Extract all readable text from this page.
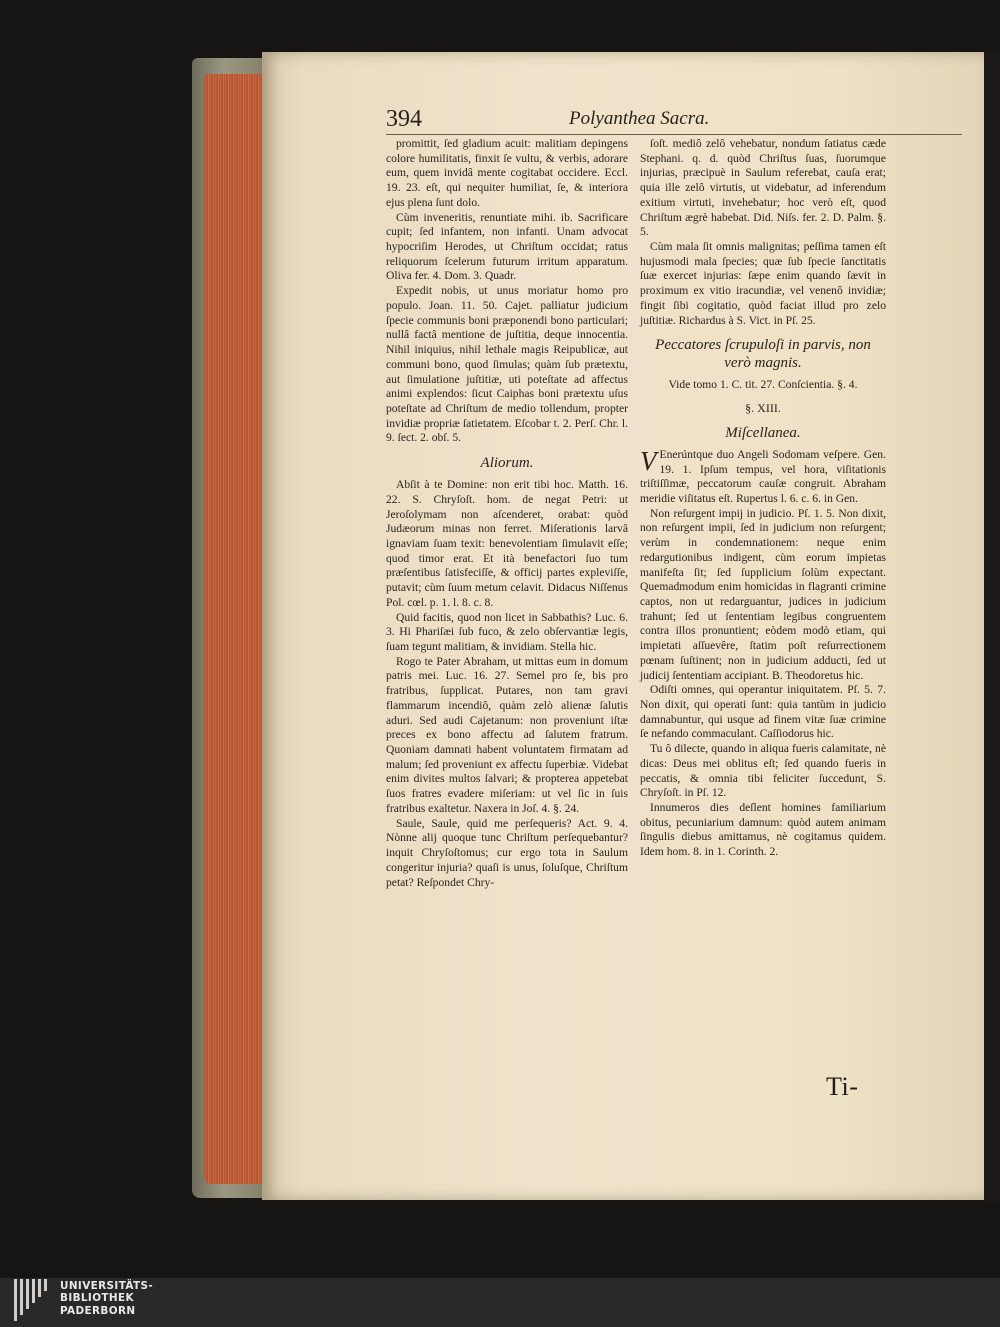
394	Polyanthea Sacra.
promittit, ſed gladium acuit: malitiam depingens colore humilitatis, finxit ſe vultu, & verbis, adorare eum, quem invidâ mente cogitabat occidere. Eccl. 19. 23. eſt, qui nequiter humiliat, ſe, & interiora ejus plena ſunt dolo.
Cùm inveneritis, renuntiate mihi. ib. Sacrificare cupit; ſed infantem, non infanti. Unam advocat hypocriſim Herodes, ut Chriſtum occidat; ratus reliquorum ſcelerum futurum irritum apparatum. Oliva fer. 4. Dom. 3. Quadr.
Expedit nobis, ut unus moriatur homo pro populo. Joan. 11. 50. Cajet. palliatur judicium ſpecie communis boni præponendi bono particulari; nullâ factâ mentione de juſtitia, deque innocentia. Nihil iniquius, nihil lethale magis Reipublicæ, aut communi bono, quod ſimulas; quàm ſub prætextu, aut ſimulatione juſtitiæ, uti poteſtate ad affectus animi explendos: ſicut Caiphas boni prætextu uſus poteſtate ad Chriſtum de medio tollendum, propter invidiæ propriæ ſatietatem. Eſcobar t. 2. Perſ. Chr. l. 9. ſect. 2. obſ. 5.
Aliorum.
Abſit à te Domine: non erit tibi hoc. Matth. 16. 22. S. Chryſoſt. hom. de negat Petri: ut Jeroſolymam non aſcenderet, orabat: quòd Judæorum minas non ferret. Miſerationis larvâ ignaviam ſuam texit: benevolentiam ſimulavit eſſe; quod timor erat. Et ità benefactori ſuo tum præſentibus ſatisfeciſſe, & officij partes expleviſſe, putavit; cùm ſuum metum celavit. Didacus Niſſenus Pol. cœl. p. 1. l. 8. c. 8.
Quid facitis, quod non licet in Sabbathis? Luc. 6. 3. Hi Phariſæi ſub fuco, & zelo obſervantiæ legis, ſuam tegunt malitiam, & invidiam. Stella hic.
Rogo te Pater Abraham, ut mittas eum in domum patris mei. Luc. 16. 27. Semel pro ſe, bis pro fratribus, ſupplicat. Putares, non tam gravi flammarum incendiô, quàm zelò alienæ ſalutis aduri. Sed audi Cajetanum: non proveniunt iſtæ preces ex bono affectu ad ſalutem fratrum. Quoniam damnati habent voluntatem firmatam ad malum; ſed proveniunt ex affectu ſuperbiæ. Videbat enim divites multos ſalvari; & propterea appetebat ſuos fratres evadere miſeriam: ut vel ſic in ſuis fratribus exaltetur. Naxera in Joſ. 4. §. 24.
Saule, Saule, quid me perſequeris? Act. 9. 4. Nònne alij quoque tunc Chriſtum perſequebantur? inquit Chryſoſtomus; cur ergo tota in Saulum congeritur injuria? quaſi is unus, ſoluſque, Chriſtum petat? Reſpondet Chry-
ſoſt. mediô zelô vehebatur, nondum ſatiatus cæde Stephani. q. d. quòd Chriſtus ſuas, ſuorumque injurias, præcipuè in Saulum referebat, cauſa erat; quia ille zelô virtutis, ut videbatur, ad inferendum exitium virtuti, invehebatur; hoc verò eſt, quod Chriſtum ægrè habebat. Did. Niſs. fer. 2. D. Palm. §. 5.
Cùm mala ſit omnis malignitas; peſſima tamen eſt hujusmodi mala ſpecies; quæ ſub ſpecie ſanctitatis ſuæ exercet injurias: ſæpe enim quando ſævit in proximum ex vitio iracundiæ, vel venenô invidiæ; fingit ſibi cogitatio, quòd faciat illud pro zelo juſtitiæ. Richardus à S. Vict. in Pſ. 25.
Peccatores ſcrupuloſi in parvis, non verò magnis.
Vide tomo 1. C. tit. 27. Conſcientia. §. 4.
§. XIII.
Miſcellanea.
V Enerúntque duo Angeli Sodomam veſpere. Gen. 19. 1. Ipſum tempus, vel hora, viſitationis triſtiſſimæ, peccatorum cauſæ congruit. Abraham meridie viſitatus eſt. Rupertus l. 6. c. 6. in Gen.
Non reſurgent impij in judicio. Pſ. 1. 5. Non dixit, non reſurgent impii, ſed in judicium non reſurgent; verùm in condemnationem: neque enim redargutionibus indigent, cùm eorum impietas manifeſta ſit; ſed ſupplicium ſolùm expectant. Quemadmodum enim homicidas in flagranti crimine captos, non ut redarguantur, judices in judicium trahunt; ſed ut ſententiam legibus congruentem contra illos pronuntient; eòdem modò etiam, qui impietati aſſuevêre, ſtatim poſt reſurrectionem pœnam ſuſtinent; non in judicium adducti, ſed ut judicij ſententiam accipiant. B. Theodoretus hic.
Odiſti omnes, qui operantur iniquitatem. Pſ. 5. 7. Non dixit, qui operati ſunt: quia tantùm in judicio damnabuntur, qui usque ad finem vitæ ſuæ crimine ſe nefando commaculant. Caſſiodorus hic.
Tu ô dilecte, quando in aliqua fueris calamitate, nè dicas: Deus mei oblitus eſt; ſed quando fueris in peccatis, & omnia tibi feliciter ſuccedunt, S. Chryſoſt. in Pſ. 12.
Innumeros dies deſlent homines familiarium obitus, pecuniarium damnum: quòd autem animam ſingulis diebus amittamus, nè cogitamus quidem. Idem hom. 8. in 1. Corinth. 2.
Ti-
UNIVERSITÄTS-
BIBLIOTHEK
PADERBORN
